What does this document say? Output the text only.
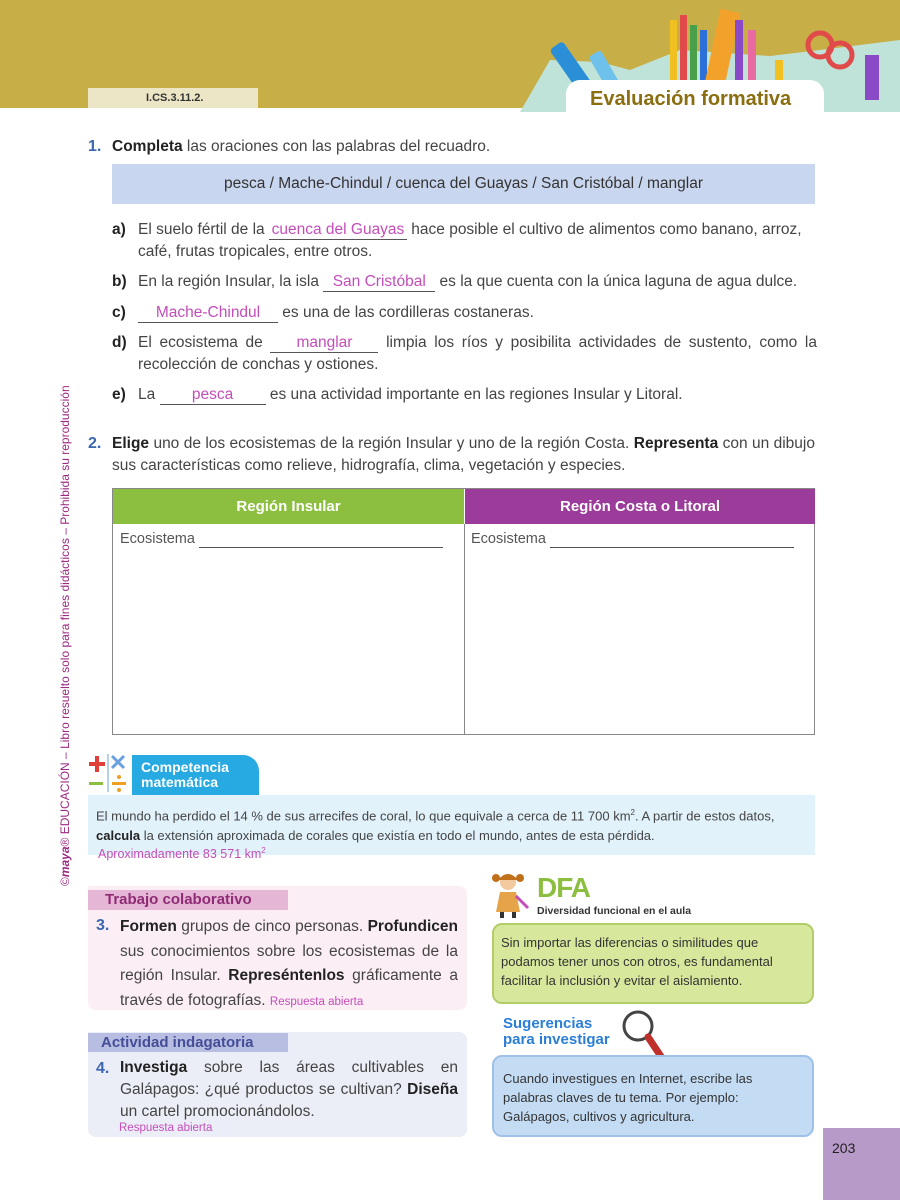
I.CS.3.11.2.	Evaluación formativa
©maya® EDUCACIÓN – Libro resuelto solo para fines didácticos – Prohibida su reproducción
1. Completa las oraciones con las palabras del recuadro.
pesca / Mache-Chindul / cuenca del Guayas / San Cristóbal / manglar
a) El suelo fértil de la cuenca del Guayas hace posible el cultivo de alimentos como banano, arroz, café, frutas tropicales, entre otros.
b) En la región Insular, la isla San Cristóbal es la que cuenta con la única laguna de agua dulce.
c)	Mache-Chindul es una de las cordilleras costaneras.
d) El ecosistema de manglar limpia los ríos y posibilita actividades de sustento, como la recolección de conchas y ostiones.
e) La pesca es una actividad importante en las regiones Insular y Litoral.
2. Elige uno de los ecosistemas de la región Insular y uno de la región Costa. Representa con un dibujo sus características como relieve, hidrografía, clima, vegetación y especies.
Región Insular	Región Costa o Litoral
Ecosistema	Ecosistema
Competencia
matemática
El mundo ha perdido el 14 % de sus arrecifes de coral, lo que equivale a cerca de 11 700 $km^2$. A partir de estos datos, calcula la extensión aproximada de corales que existía en todo el mundo, antes de esta pérdida.
Aproximadamente 83 571 $km^2$
Trabajo colaborativo
3. Formen grupos de cinco personas. Profundicen sus conocimientos sobre los ecosistemas de la región Insular. Represéntenlos gráficamente a través de fotografías. Respuesta abierta
Actividad indagatoria
4. Investiga sobre las áreas cultivables en Galápagos: ¿qué productos se cultivan? Diseña un cartel promocionándolos.
Respuesta abierta
DFA
Diversidad funcional en el aula
Sin importar las diferencias o similitudes que podamos tener unos con otros, es fundamental facilitar la inclusión y evitar el aislamiento.
Sugerencias
para investigar
Cuando investigues en Internet, escribe las palabras claves de tu tema. Por ejemplo: Galápagos, cultivos y agricultura.
203
